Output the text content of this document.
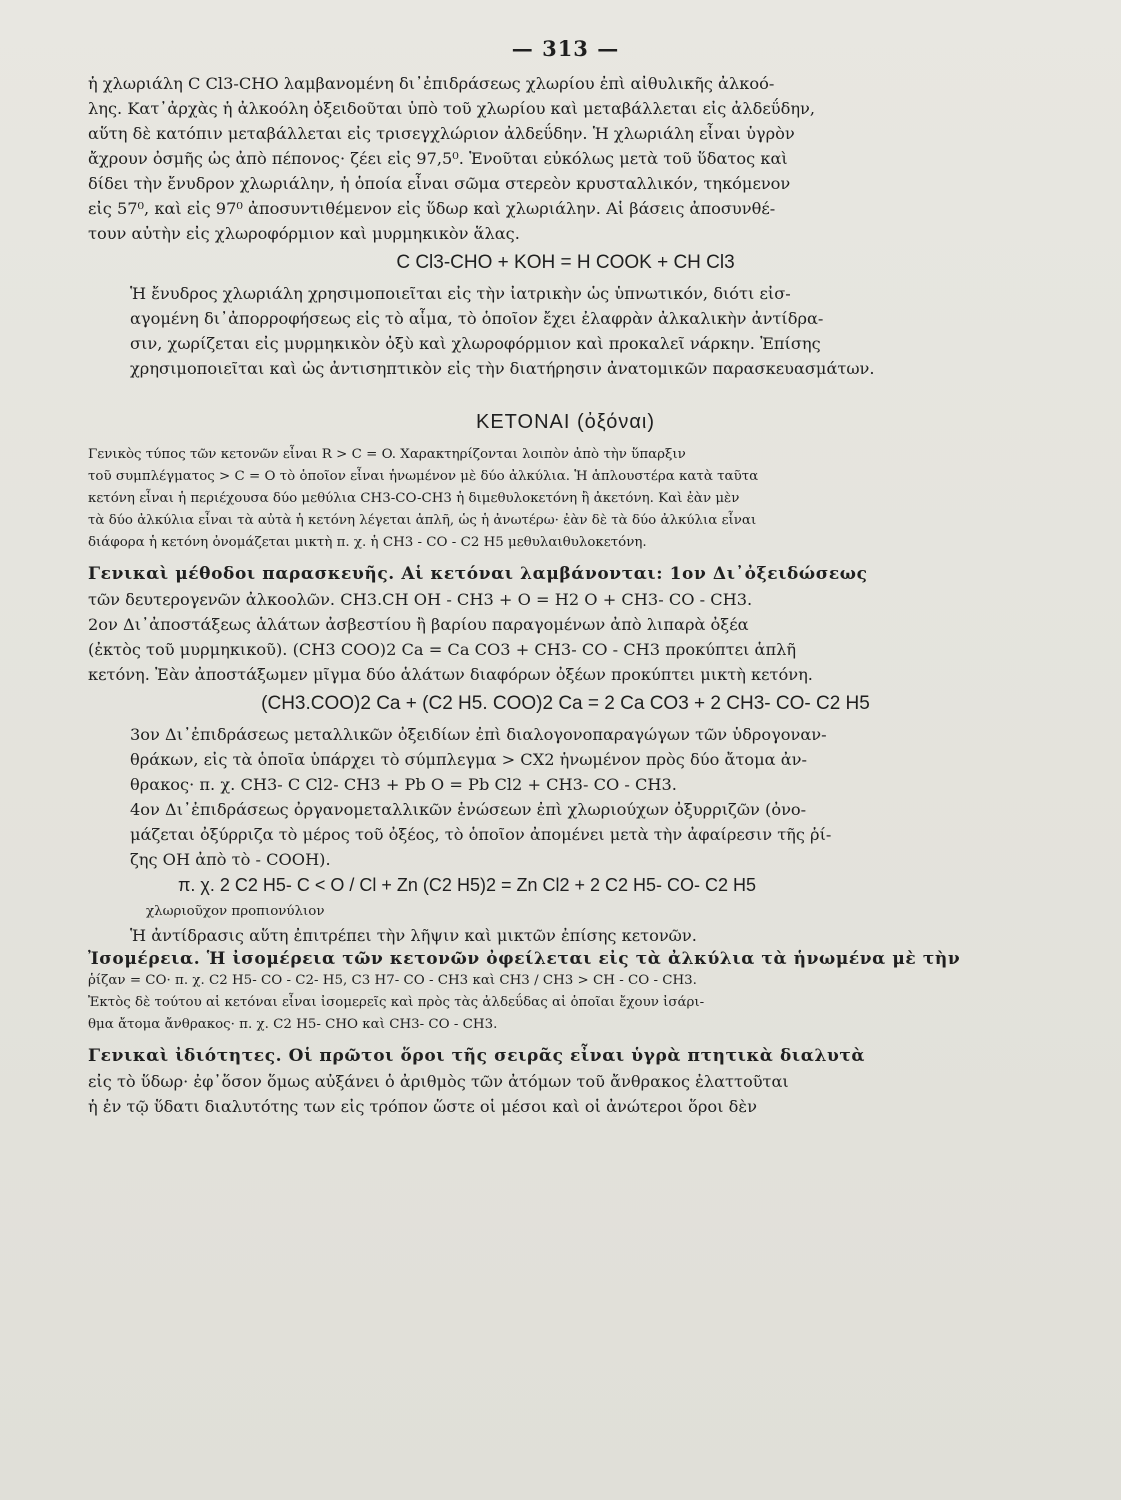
— 313 —

ἡ χλωριάλη C Cl3-CHO λαμβανομένη δι᾽ἐπιδράσεως χλωρίου ἐπὶ αἰθυλικῆς ἀλκοό-
λης. Κατ᾽ἀρχὰς ἡ ἀλκοόλη ὀξειδοῦται ὑπὸ τοῦ χλωρίου καὶ μεταβάλλεται εἰς ἀλδεΰδην,
αὕτη δὲ κατόπιν μεταβάλλεται εἰς τρισεγχλώριον ἀλδεΰδην. Ἡ χλωριάλη εἶναι ὑγρὸν
ἄχρουν ὀσμῆς ὡς ἀπὸ πέπονος· ζέει εἰς 97,5⁰. Ἑνοῦται εὐκόλως μετὰ τοῦ ὕδατος καὶ
δίδει τὴν ἔνυδρον χλωριάλην, ἡ ὁποία εἶναι σῶμα στερεὸν κρυσταλλικόν, τηκόμενον
εἰς 57⁰, καὶ εἰς 97⁰ ἀποσυντιθέμενον εἰς ὕδωρ καὶ χλωριάλην. Αἱ βάσεις ἀποσυνθέ-
τουν αὐτὴν εἰς χλωροφόρμιον καὶ μυρμηκικὸν ἅλας.

C Cl3-CHO + KOH = H COOK + CH Cl3

Ἡ ἔνυδρος χλωριάλη χρησιμοποιεῖται εἰς τὴν ἰατρικὴν ὡς ὑπνωτικόν, διότι εἰσ-
αγομένη δι᾽ἀπορροφήσεως εἰς τὸ αἷμα, τὸ ὁποῖον ἔχει ἐλαφρὰν ἀλκαλικὴν ἀντίδρα-
σιν, χωρίζεται εἰς μυρμηκικὸν ὀξὺ καὶ χλωροφόρμιον καὶ προκαλεῖ νάρκην. Ἐπίσης
χρησιμοποιεῖται καὶ ὡς ἀντισηπτικὸν εἰς τὴν διατήρησιν ἀνατομικῶν παρασκευασμάτων.

ΚΕΤΟΝΑΙ (ὀξόναι)

Γενικὸς τύπος τῶν κετονῶν εἶναι R > C = O. Χαρακτηρίζονται λοιπὸν ἀπὸ τὴν ὕπαρξιν
τοῦ συμπλέγματος > C = O τὸ ὁποῖον εἶναι ἡνωμένον μὲ δύο ἀλκύλια. Ἡ ἁπλουστέρα κατὰ ταῦτα
κετόνη εἶναι ἡ περιέχουσα δύο μεθύλια CH3-CO-CH3 ἡ διμεθυλοκετόνη ἢ ἀκετόνη. Καὶ ἐὰν μὲν
τὰ δύο ἀλκύλια εἶναι τὰ αὐτὰ ἡ κετόνη λέγεται ἁπλῆ, ὡς ἡ ἀνωτέρω· ἐὰν δὲ τὰ δύο ἀλκύλια εἶναι
διάφορα ἡ κετόνη ὀνομάζεται μικτὴ π. χ. ἡ CH3 - CO - C2 H5 μεθυλαιθυλοκετόνη.

Γενικαὶ μέθοδοι παρασκευῆς. Αἱ κετόναι λαμβάνονται: 1ον Δι᾽ὀξειδώσεως
τῶν δευτερογενῶν ἀλκοολῶν. CH3.CH OH - CH3 + O = H2 O + CH3- CO - CH3.
2ον Δι᾽ἀποστάξεως ἁλάτων ἀσβεστίου ἢ βαρίου παραγομένων ἀπὸ λιπαρὰ ὀξέα
(ἐκτὸς τοῦ μυρμηκικοῦ). (CH3 COO)2 Ca = Ca CO3 + CH3- CO - CH3 προκύπτει ἁπλῆ
κετόνη. Ἐὰν ἀποστάξωμεν μῖγμα δύο ἁλάτων διαφόρων ὀξέων προκύπτει μικτὴ κετόνη.

(CH3.COO)2 Ca + (C2 H5. COO)2 Ca = 2 Ca CO3 + 2 CH3- CO- C2 H5

3ον Δι᾽ἐπιδράσεως μεταλλικῶν ὀξειδίων ἐπὶ διαλογονοπαραγώγων τῶν ὑδρογοναν-
θράκων, εἰς τὰ ὁποῖα ὑπάρχει τὸ σύμπλεγμα > CX2 ἡνωμένον πρὸς δύο ἄτομα ἀν-
θρακος· π. χ. CH3- C Cl2- CH3 + Pb O = Pb Cl2 + CH3- CO - CH3.

4ον Δι᾽ἐπιδράσεως ὀργανομεταλλικῶν ἑνώσεων ἐπὶ χλωριούχων ὀξυρριζῶν (ὀνο-
μάζεται ὀξύρριζα τὸ μέρος τοῦ ὀξέος, τὸ ὁποῖον ἀπομένει μετὰ τὴν ἀφαίρεσιν τῆς ῥί-
ζης OH ἀπὸ τὸ - COOH).

π. χ. 2 C2 H5- C < O / Cl + Zn (C2 H5)2 = Zn Cl2 + 2 C2 H5- CO- C2 H5

χλωριοῦχον προπιονύλιον

Ἡ ἀντίδρασις αὕτη ἐπιτρέπει τὴν λῆψιν καὶ μικτῶν ἐπίσης κετονῶν.

Ἰσομέρεια. Ἡ ἰσομέρεια τῶν κετονῶν ὀφείλεται εἰς τὰ ἀλκύλια τὰ ἡνωμένα μὲ τὴν
ῥίζαν = CO· π. χ. C2 H5- CO - C2- H5, C3 H7- CO - CH3 καὶ CH3 / CH3 > CH - CO - CH3.
Ἐκτὸς δὲ τούτου αἱ κετόναι εἶναι ἰσομερεῖς καὶ πρὸς τὰς ἀλδεΰδας αἱ ὁποῖαι ἔχουν ἰσάρι-
θμα ἄτομα ἄνθρακος· π. χ. C2 H5- CHO καὶ CH3- CO - CH3.

Γενικαὶ ἰδιότητες. Οἱ πρῶτοι ὅροι τῆς σειρᾶς εἶναι ὑγρὰ πτητικὰ διαλυτὰ
εἰς τὸ ὕδωρ· ἐφ᾽ὅσον ὅμως αὐξάνει ὁ ἀριθμὸς τῶν ἀτόμων τοῦ ἄνθρακος ἐλαττοῦται
ἡ ἐν τῷ ὕδατι διαλυτότης των εἰς τρόπον ὥστε οἱ μέσοι καὶ οἱ ἀνώτεροι ὅροι δὲν
